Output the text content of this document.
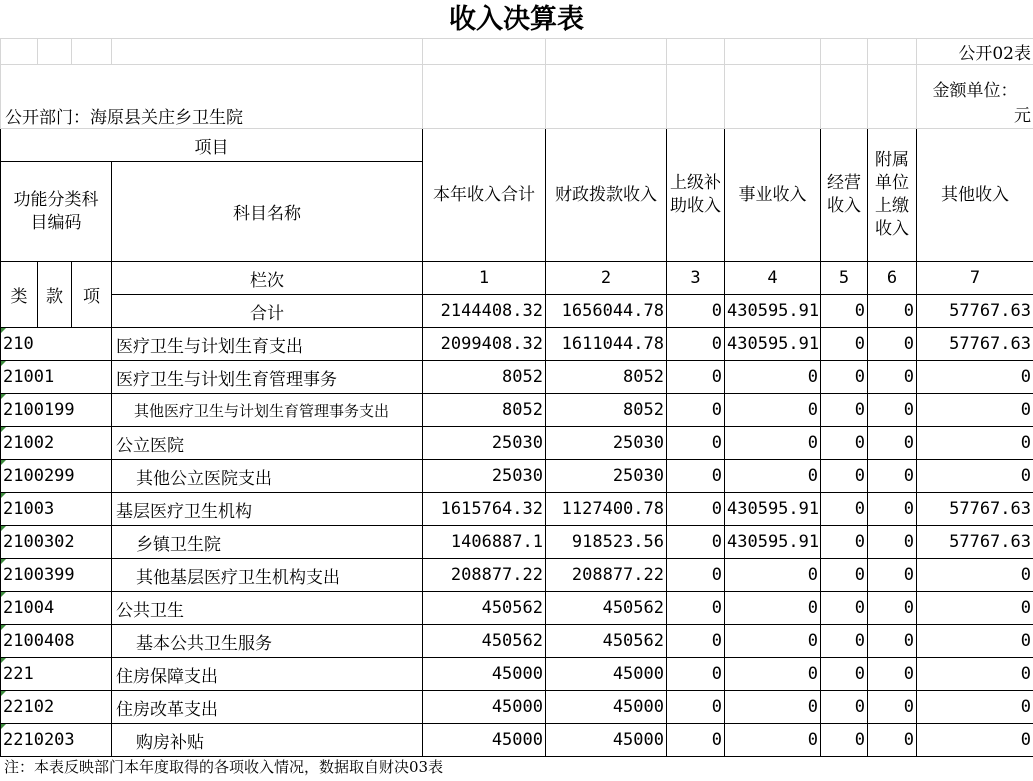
收入决算表
										公开02表
公开部门：海原县关庄乡卫生院										金额单位：
元

项目				本年收入合计	财政拨款收入	上级补助收入	事业收入	经营收入	附属单位上缴收入	其他收入
功能分类科目编码			科目名称							
类	款	项	栏次	1	2	3	4	5	6	7
			合计	2144408.32	1656044.78	0	430595.91	0	0	57767.63
210			医疗卫生与计划生育支出	2099408.32	1611044.78	0	430595.91	0	0	57767.63
21001			医疗卫生与计划生育管理事务	8052	8052	0	0	0	0	0
2100199			其他医疗卫生与计划生育管理事务支出	8052	8052	0	0	0	0	0
21002			公立医院	25030	25030	0	0	0	0	0
2100299			其他公立医院支出	25030	25030	0	0	0	0	0
21003			基层医疗卫生机构	1615764.32	1127400.78	0	430595.91	0	0	57767.63
2100302			乡镇卫生院	1406887.1	918523.56	0	430595.91	0	0	57767.63
2100399			其他基层医疗卫生机构支出	208877.22	208877.22	0	0	0	0	0
21004			公共卫生	450562	450562	0	0	0	0	0
2100408			基本公共卫生服务	450562	450562	0	0	0	0	0
221			住房保障支出	45000	45000	0	0	0	0	0
22102			住房改革支出	45000	45000	0	0	0	0	0
2210203			购房补贴	45000	45000	0	0	0	0	0
注：本表反映部门本年度取得的各项收入情况，数据取自财决03表
